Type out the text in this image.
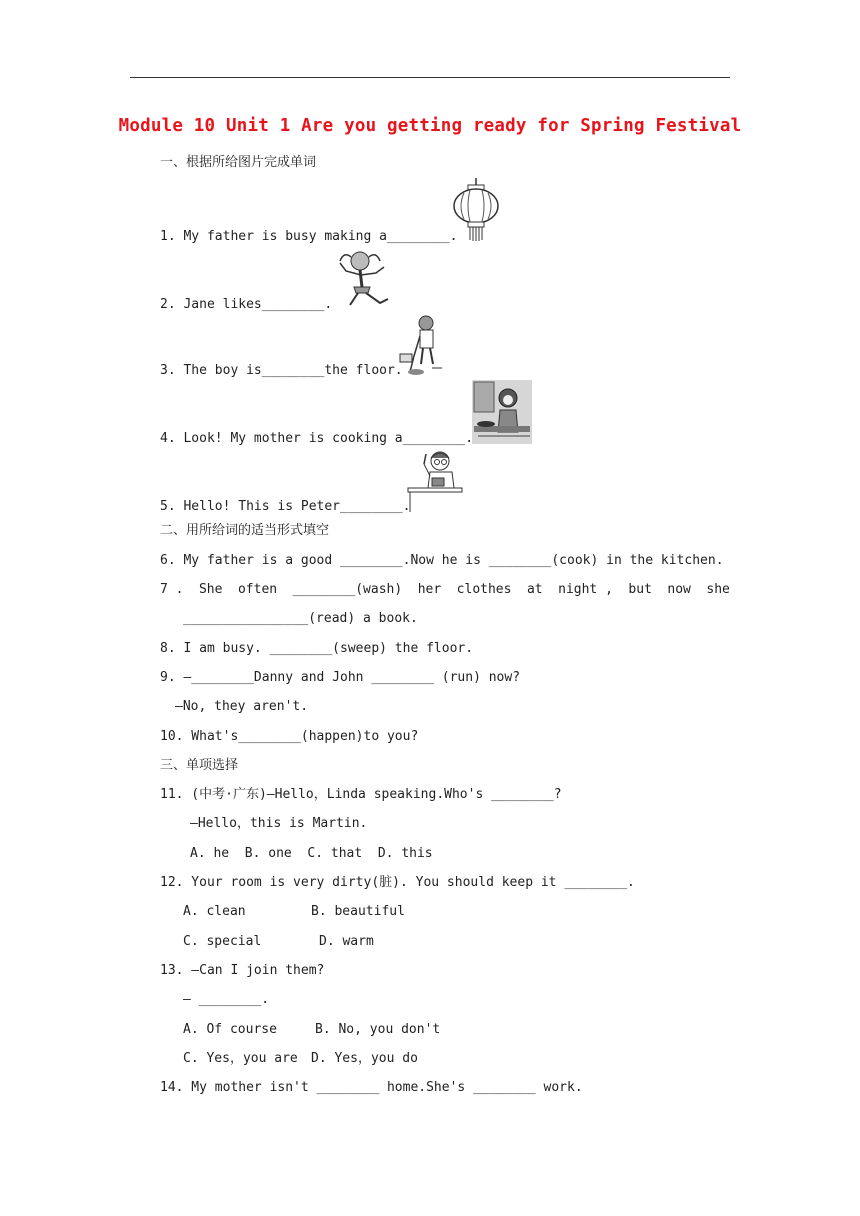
Module 10 Unit 1 Are you getting ready for Spring Festival
一、根据所给图片完成单词
1. My father is busy making a________.
2. Jane likes________.
3. The boy is________the floor.
4. Look! My mother is cooking a________.
5. Hello! This is Peter________.
二、用所给词的适当形式填空
6. My father is a good ________.Now he is ________(cook) in the kitchen.
7 . She often ________(wash) her clothes at night , but now she
________________(read) a book.
8. I am busy. ________(sweep) the floor.
9. —________Danny and John ________ (run) now?
—No, they aren't.
10. What's________(happen)to you?
三、单项选择
11. (中考·广东)—Hello，Linda speaking.Who's ________?
—Hello，this is Martin.
A. he  B. one  C. that  D. this
12. Your room is very dirty(脏). You should keep it ________.
A. clean	B. beautiful
C. special	D. warm
13. —Can I join them?
— ________.
A. Of course	B. No, you don't
C. Yes，you are D. Yes，you do
14. My mother isn't ________ home.She's ________ work.
